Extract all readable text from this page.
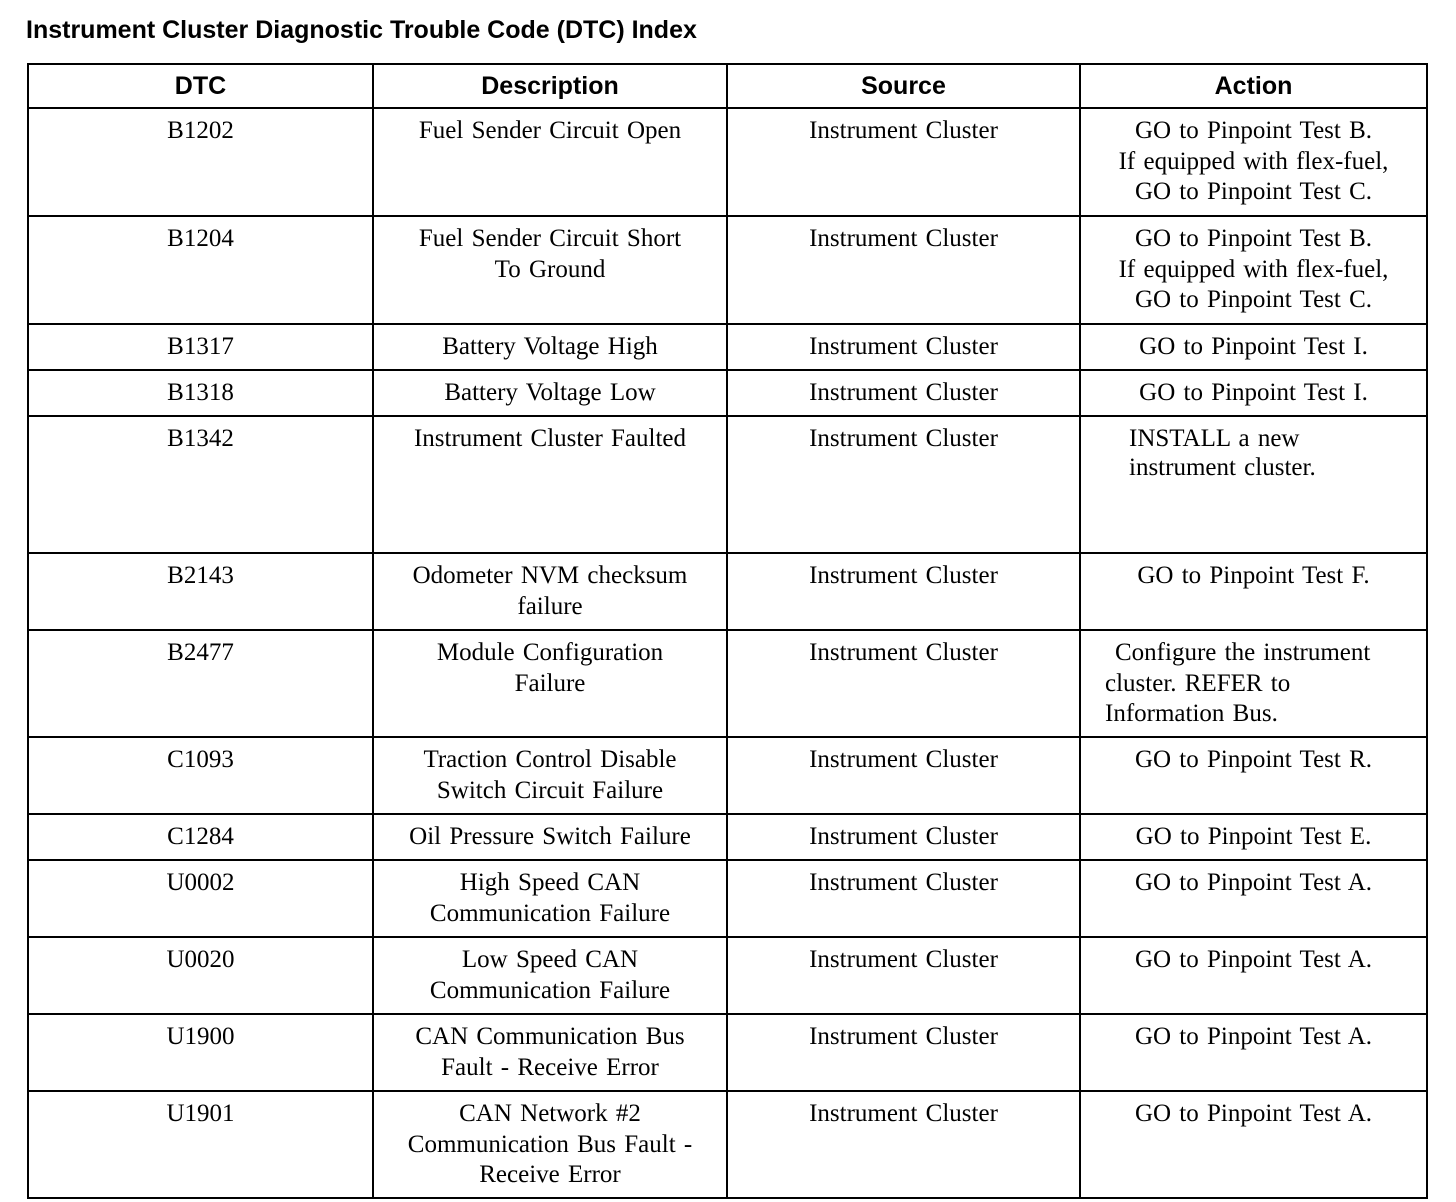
Instrument Cluster Diagnostic Trouble Code (DTC) Index
DTC	Description	Source	Action

B1202	Fuel Sender Circuit Open	Instrument Cluster	GO to Pinpoint Test B.
If equipped with flex-fuel,
GO to Pinpoint Test C.

B1204	Fuel Sender Circuit Short
To Ground	Instrument Cluster	GO to Pinpoint Test B.
If equipped with flex-fuel,
GO to Pinpoint Test C.

B1317	Battery Voltage High	Instrument Cluster	GO to Pinpoint Test I.

B1318	Battery Voltage Low	Instrument Cluster	GO to Pinpoint Test I.

B1342	Instrument Cluster Faulted	Instrument Cluster	INSTALL a new
instrument cluster.

B2143	Odometer NVM checksum
failure	Instrument Cluster	GO to Pinpoint Test F.

B2477	Module Configuration
Failure	Instrument Cluster	Configure the instrument
cluster. REFER to
Information Bus.

C1093	Traction Control Disable
Switch Circuit Failure	Instrument Cluster	GO to Pinpoint Test R.

C1284	Oil Pressure Switch Failure	Instrument Cluster	GO to Pinpoint Test E.

U0002	High Speed CAN
Communication Failure	Instrument Cluster	GO to Pinpoint Test A.

U0020	Low Speed CAN
Communication Failure	Instrument Cluster	GO to Pinpoint Test A.

U1900	CAN Communication Bus
Fault - Receive Error	Instrument Cluster	GO to Pinpoint Test A.

U1901	CAN Network #2
Communication Bus Fault -
Receive Error	Instrument Cluster	GO to Pinpoint Test A.
